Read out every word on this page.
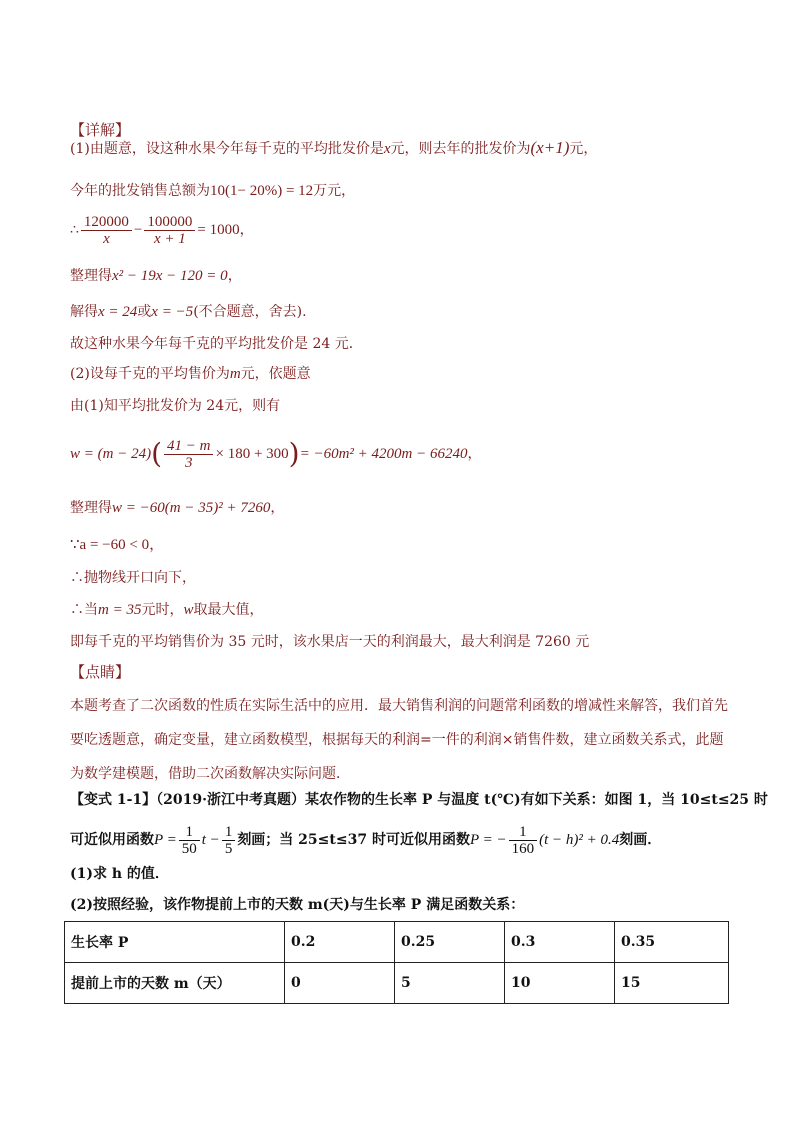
【详解】
(1)由题意，设这种水果今年每千克的平均批发价是x元，则去年的批发价为(x+1)元，
今年的批发销售总额为10(1− 20%) = 12万元，
∴ $\frac{120000}{x} - \frac{100000}{x + 1} = 1000$，
整理得x² − 19x − 120 = 0，
解得x = 24或x = −5(不合题意，舍去).
故这种水果今年每千克的平均批发价是 24 元．
(2)设每千克的平均售价为m元，依题意
由(1)知平均批发价为 24元，则有
$w = (m - 24)( \frac{41 - m}{3} \times 180 + 300)= -60m^2 + 4200m - 66240$，
整理得w = −60(m − 35)² + 7260，
∵a = −60 < 0，
∴抛物线开口向下，
∴当m = 35元时，w取最大值，
即每千克的平均销售价为 35 元时，该水果店一天的利润最大，最大利润是 7260 元
【点睛】
本题考查了二次函数的性质在实际生活中的应用．最大销售利润的问题常利函数的增减性来解答，我们首先要吃透题意，确定变量，建立函数模型，根据每天的利润=一件的利润×销售件数，建立函数关系式，此题为数学建模题，借助二次函数解决实际问题．
【变式 1-1】（2019·浙江中考真题）某农作物的生长率 P 与温度 t(℃)有如下关系：如图 1，当 10≤t≤25 时
可近似用函数$P = \frac{1}{50}$ $t - \frac{1}{5}$ 刻画；当 25≤t≤37 时可近似用函数P = − $\frac{1}{160} (t - h)^2 + 0.4$刻画．
(1)求 h 的值．
(2)按照经验，该作物提前上市的天数 m(天)与生长率 P 满足函数关系：
生长率 P	0.2	0.25	0.3	0.35
提前上市的天数 m（天）	0	5	10	15
